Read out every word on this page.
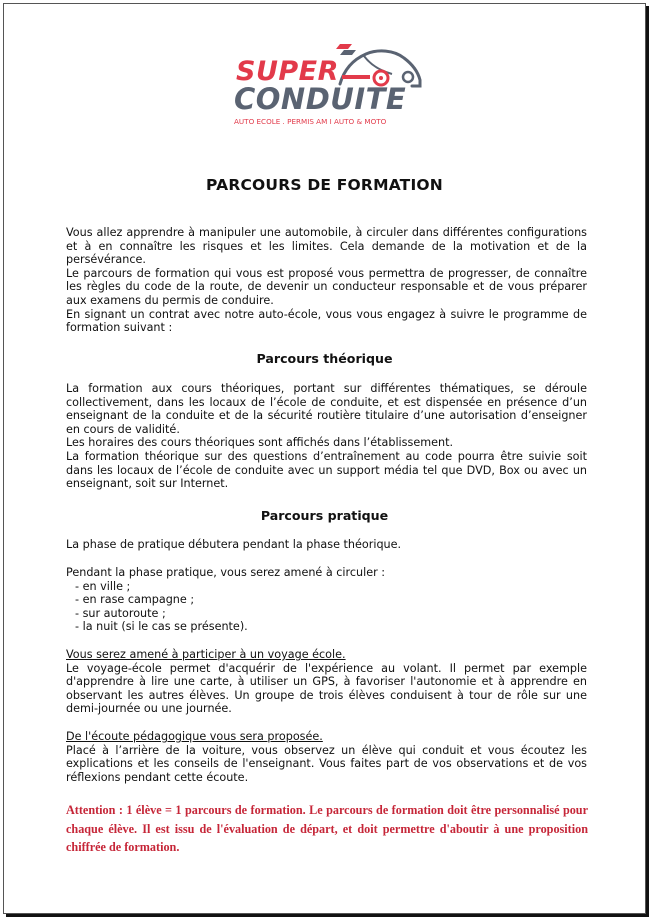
SUPER
CONDUITE
AUTO ECOLE . PERMIS AM I AUTO & MOTO
PARCOURS DE FORMATION

Vous allez apprendre à manipuler une automobile, à circuler dans différentes configurations et à en connaître les risques et les limites. Cela demande de la motivation et de la persévérance.

Le parcours de formation qui vous est proposé vous permettra de progresser, de connaître les règles du code de la route, de devenir un conducteur responsable et de vous préparer aux examens du permis de conduire.

En signant un contrat avec notre auto-école, vous vous engagez à suivre le programme de formation suivant :

Parcours théorique

La formation aux cours théoriques, portant sur différentes thématiques, se déroule collectivement, dans les locaux de l’école de conduite, et est dispensée en présence d’un enseignant de la conduite et de la sécurité routière titulaire d’une autorisation d’enseigner en cours de validité.

Les horaires des cours théoriques sont affichés dans l’établissement.

La formation théorique sur des questions d’entraînement au code pourra être suivie soit dans les locaux de l’école de conduite avec un support média tel que DVD, Box ou avec un enseignant, soit sur Internet.

Parcours pratique

La phase de pratique débutera pendant la phase théorique.

Pendant la phase pratique, vous serez amené à circuler :

- en ville ;
- en rase campagne ;
- sur autoroute ;
- la nuit (si le cas se présente).

Vous serez amené à participer à un voyage école.

Le voyage-école permet d'acquérir de l'expérience au volant. Il permet par exemple d'apprendre à lire une carte, à utiliser un GPS, à favoriser l'autonomie et à apprendre en observant les autres élèves. Un groupe de trois élèves conduisent à tour de rôle sur une demi-journée ou une journée.

De l'écoute pédagogique vous sera proposée.

Placé à l’arrière de la voiture, vous observez un élève qui conduit et vous écoutez les explications et les conseils de l'enseignant. Vous faites part de vos observations et de vos réflexions pendant cette écoute.

Attention : 1 élève = 1 parcours de formation. Le parcours de formation doit être personnalisé pour chaque élève. Il est issu de l'évaluation de départ, et doit permettre d'aboutir à une proposition chiffrée de formation.
